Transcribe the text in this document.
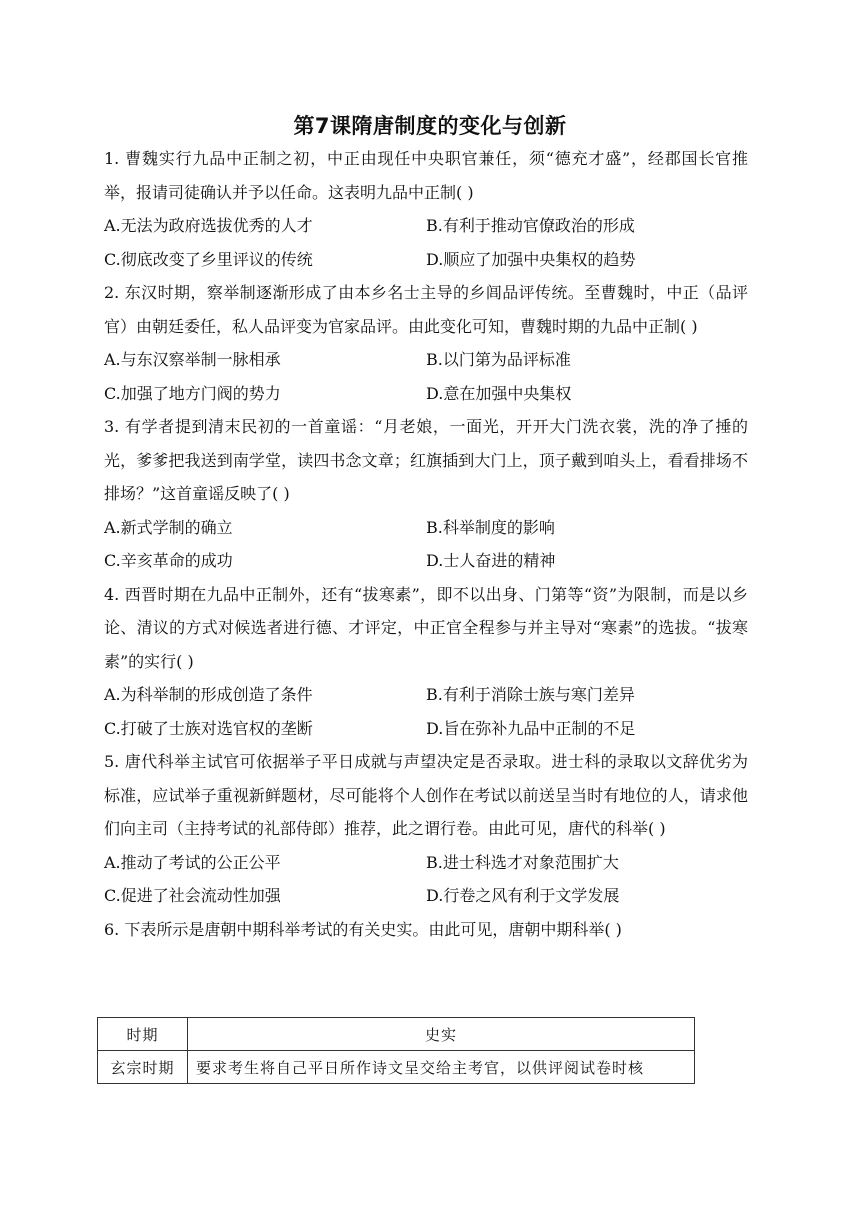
第7课隋唐制度的变化与创新

1. 曹魏实行九品中正制之初，中正由现任中央职官兼任，须“德充才盛”，经郡国长官推举，报请司徒确认并予以任命。这表明九品中正制( )

A.无法为政府选拔优秀的人才	B.有利于推动官僚政治的形成
C.彻底改变了乡里评议的传统	D.顺应了加强中央集权的趋势

2. 东汉时期，察举制逐渐形成了由本乡名士主导的乡闾品评传统。至曹魏时，中正（品评官）由朝廷委任，私人品评变为官家品评。由此变化可知，曹魏时期的九品中正制( )

A.与东汉察举制一脉相承	B.以门第为品评标准
C.加强了地方门阀的势力	D.意在加强中央集权

3. 有学者提到清末民初的一首童谣：“月老娘，一面光，开开大门洗衣裳，洗的净了捶的光，爹爹把我送到南学堂，读四书念文章；红旗插到大门上，顶子戴到咱头上，看看排场不排场？”这首童谣反映了( )

A.新式学制的确立	B.科举制度的影响
C.辛亥革命的成功	D.士人奋进的精神

4. 西晋时期在九品中正制外，还有“拔寒素”，即不以出身、门第等“资”为限制，而是以乡论、清议的方式对候选者进行德、才评定，中正官全程参与并主导对“寒素”的选拔。“拔寒素”的实行( )

A.为科举制的形成创造了条件	B.有利于消除士族与寒门差异
C.打破了士族对选官权的垄断	D.旨在弥补九品中正制的不足

5. 唐代科举主试官可依据举子平日成就与声望决定是否录取。进士科的录取以文辞优劣为标准，应试举子重视新鲜题材，尽可能将个人创作在考试以前送呈当时有地位的人，请求他们向主司（主持考试的礼部侍郎）推荐，此之谓行卷。由此可见，唐代的科举( )

A.推动了考试的公正公平	B.进士科选才对象范围扩大
C.促进了社会流动性加强	D.行卷之风有利于文学发展

6. 下表所示是唐朝中期科举考试的有关史实。由此可见，唐朝中期科举( )

时期	史实
玄宗时期	要求考生将自己平日所作诗文呈交给主考官，以供评阅试卷时核
